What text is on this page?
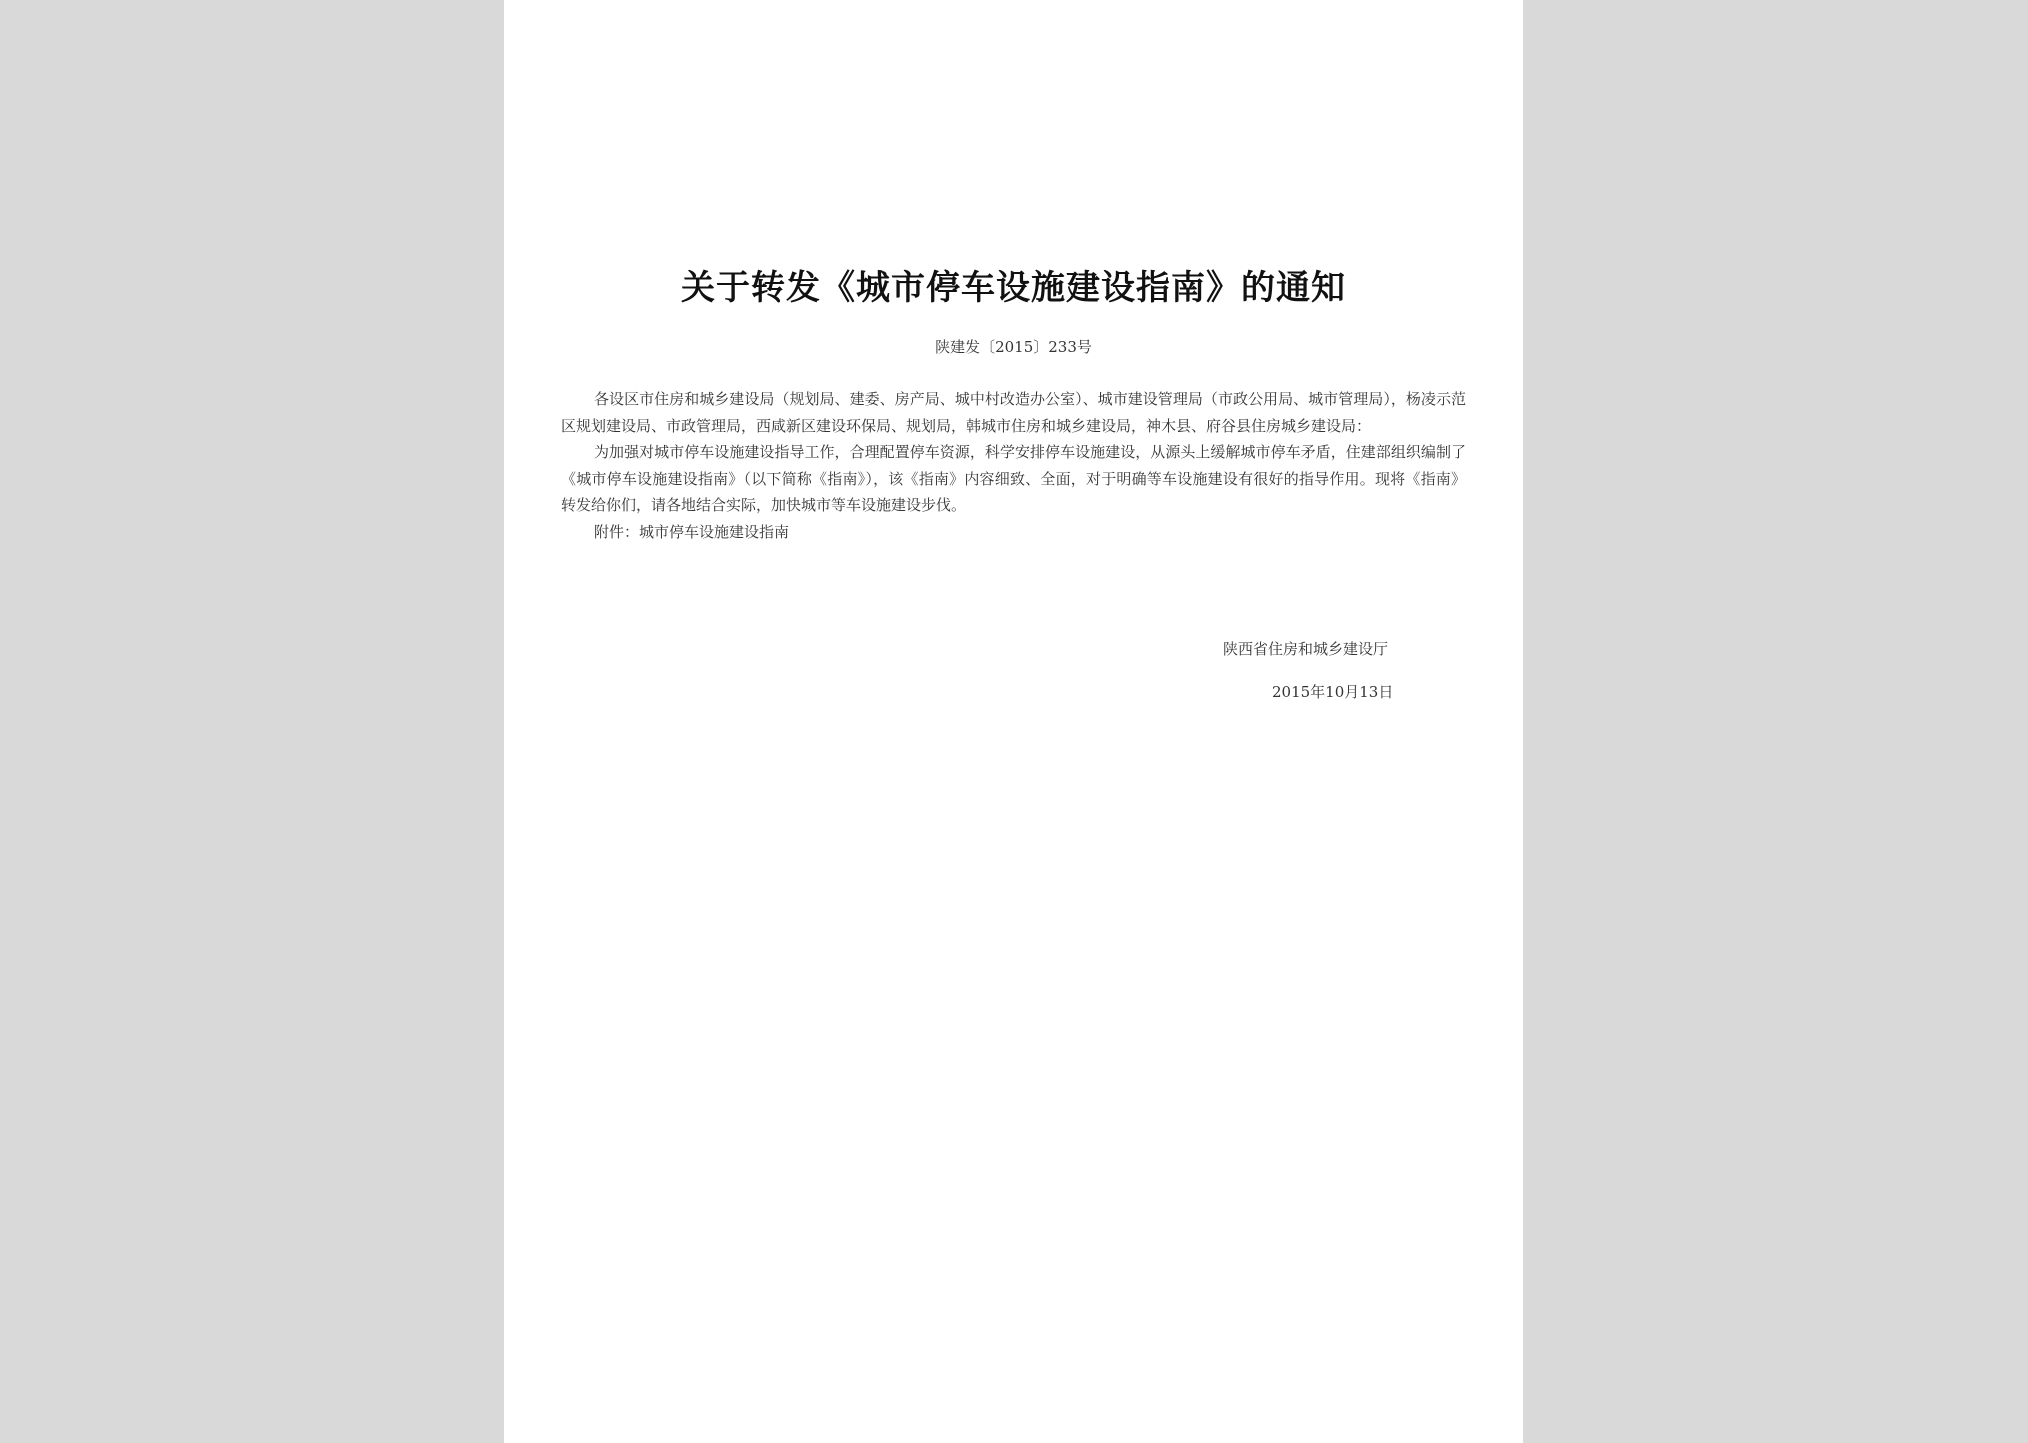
关于转发《城市停车设施建设指南》的通知
陕建发〔2015〕233号

各设区市住房和城乡建设局（规划局、建委、房产局、城中村改造办公室）、城市建设管理局（市政公用局、城市管理局），杨凌示范区规划建设局、市政管理局，西咸新区建设环保局、规划局，韩城市住房和城乡建设局，神木县、府谷县住房城乡建设局：

为加强对城市停车设施建设指导工作，合理配置停车资源，科学安排停车设施建设，从源头上缓解城市停车矛盾，住建部组织编制了《城市停车设施建设指南》（以下简称《指南》），该《指南》内容细致、全面，对于明确等车设施建设有很好的指导作用。现将《指南》转发给你们，请各地结合实际，加快城市等车设施建设步伐。

附件：城市停车设施建设指南

陕西省住房和城乡建设厅
2015年10月13日
